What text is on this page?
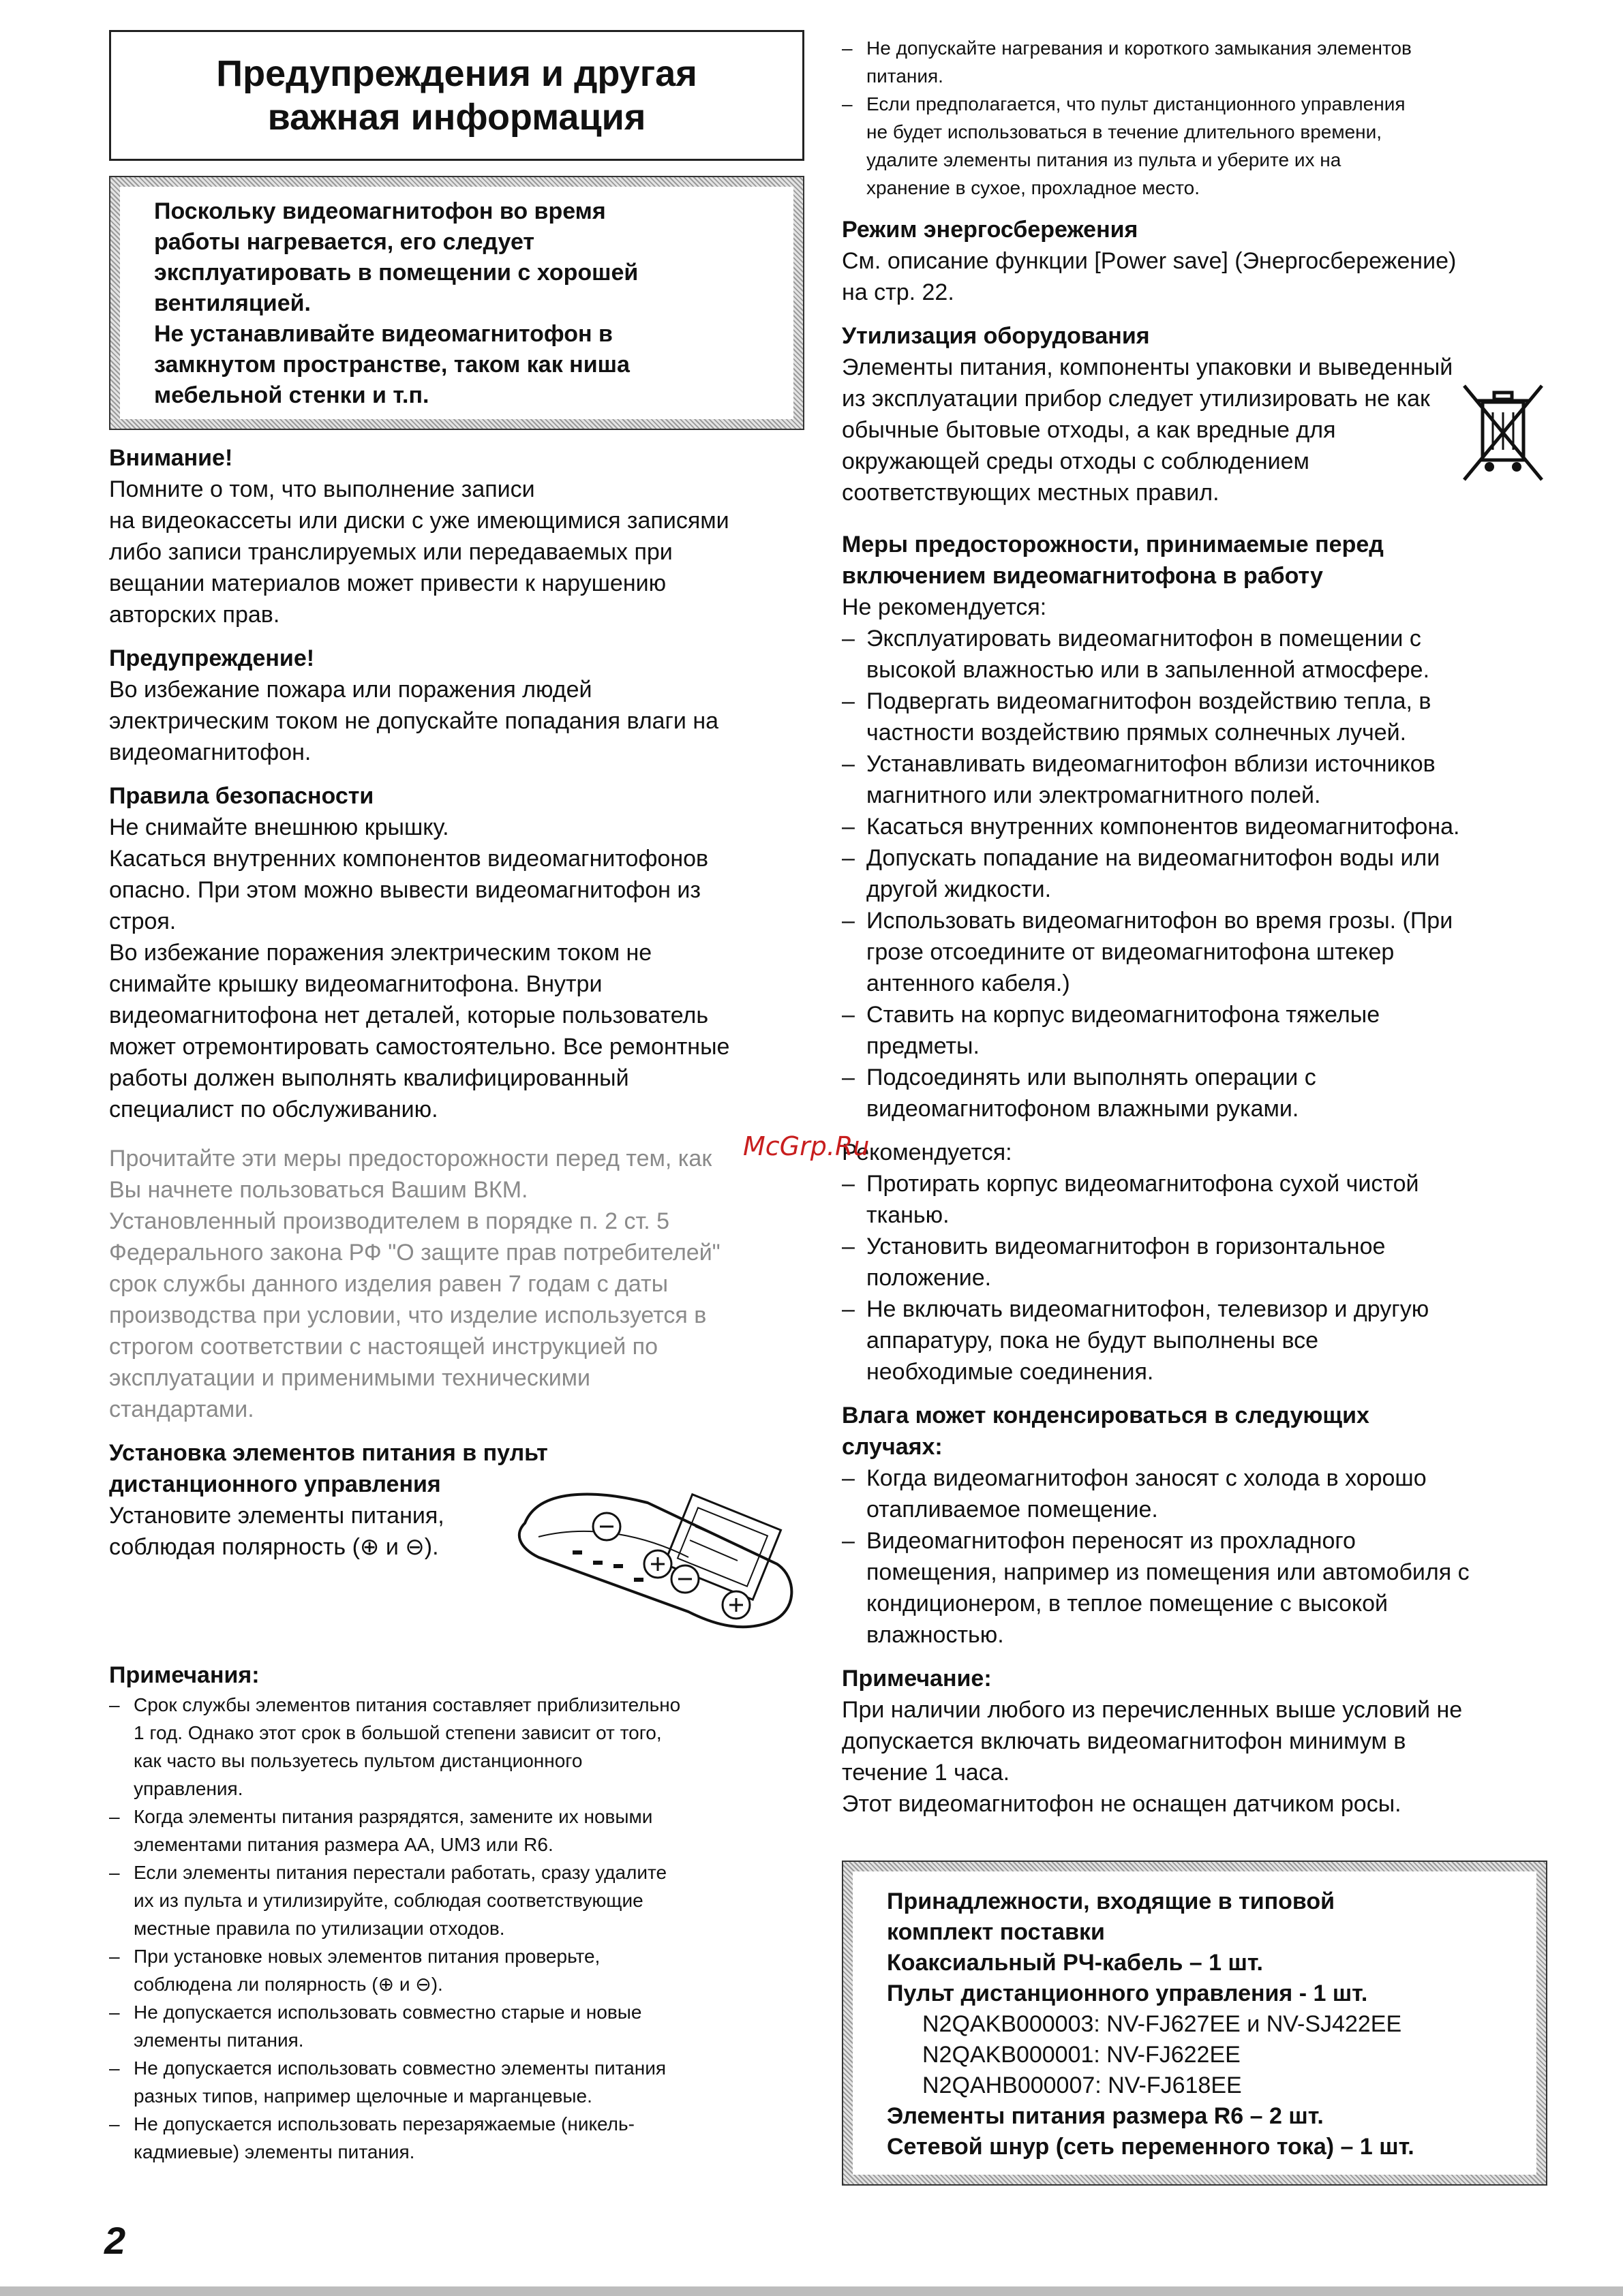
Предупреждения и другая
важная информация

Поскольку видеомагнитофон во время

работы нагревается, его следует

эксплуатировать в помещении с хорошей

вентиляцией.

Не устанавливайте видеомагнитофон в

замкнутом пространстве, таком как ниша

мебельной стенки и т.п.

Внимание!

Помните о том, что выполнение записи

на видеокассеты или диски с уже имеющимися записями

либо записи транслируемых или передаваемых при

вещании материалов может привести к нарушению

авторских прав.

Предупреждение!

Во избежание пожара или поражения людей

электрическим током не допускайте попадания влаги на

видеомагнитофон.

Правила безопасности

Не снимайте внешнюю крышку.

Касаться внутренних компонентов видеомагнитофонов

опасно. При этом можно вывести видеомагнитофон из

строя.

Во избежание поражения электрическим током не

снимайте крышку видеомагнитофона. Внутри

видеомагнитофона нет деталей, которые пользователь

может отремонтировать самостоятельно. Все ремонтные

работы должен выполнять квалифицированный

специалист по обслуживанию.

Прочитайте эти меры предосторожности перед тем, как

Вы начнете пользоваться Вашим ВКМ.

Установленный производителем в порядке п. 2 ст. 5

Федерального закона РФ "О защите прав потребителей"

срок службы данного изделия равен 7 годам с даты

производства при условии, что изделие используется в

строгом соответствии с настоящей инструкцией по

эксплуатации и применимыми техническими

стандартами.

Установка элементов питания в пульт

дистанционного управления

Установите элементы питания,

соблюдая полярность (⊕ и ⊖).

Примечания:

– Срок службы элементов питания составляет приблизительно
1 год. Однако этот срок в большой степени зависит от того,
как часто вы пользуетесь пультом дистанционного
управления.
– Когда элементы питания разрядятся, замените их новыми
элементами питания размера AA, UM3 или R6.
– Если элементы питания перестали работать, сразу удалите
их из пульта и утилизируйте, соблюдая соответствующие
местные правила по утилизации отходов.
– При установке новых элементов питания проверьте,
соблюдена ли полярность (⊕ и ⊖).
– Не допускается использовать совместно старые и новые
элементы питания.
– Не допускается использовать совместно элементы питания
разных типов, например щелочные и марганцевые.
– Не допускается использовать перезаряжаемые (никель-
кадмиевые) элементы питания.
– Не допускайте нагревания и короткого замыкания элементов
питания.
– Если предполагается, что пульт дистанционного управления
не будет использоваться в течение длительного времени,
удалите элементы питания из пульта и уберите их на
хранение в сухое, прохладное место.

Режим энергосбережения

См. описание функции [Power save] (Энергосбережение)

на стр. 22.

Утилизация оборудования

Элементы питания, компоненты упаковки и выведенный

из эксплуатации прибор следует утилизировать не как

обычные бытовые отходы, а как вредные для

окружающей среды отходы с соблюдением

соответствующих местных правил.

Меры предосторожности, принимаемые перед

включением видеомагнитофона в работу

Не рекомендуется:

– Эксплуатировать видеомагнитофон в помещении с
высокой влажностью или в запыленной атмосфере.
– Подвергать видеомагнитофон воздействию тепла, в
частности воздействию прямых солнечных лучей.
– Устанавливать видеомагнитофон вблизи источников
магнитного или электромагнитного полей.
– Касаться внутренних компонентов видеомагнитофона.
– Допускать попадание на видеомагнитофон воды или
другой жидкости.
– Использовать видеомагнитофон во время грозы. (При
грозе отсоедините от видеомагнитофона штекер
антенного кабеля.)
– Ставить на корпус видеомагнитофона тяжелые
предметы.
– Подсоединять или выполнять операции с
видеомагнитофоном влажными руками.

Рекомендуется:

– Протирать корпус видеомагнитофона сухой чистой
тканью.
– Установить видеомагнитофон в горизонтальное
положение.
– Не включать видеомагнитофон, телевизор и другую
аппаратуру, пока не будут выполнены все
необходимые соединения.

Влага может конденсироваться в следующих

случаях:

– Когда видеомагнитофон заносят с холода в хорошо
отапливаемое помещение.
– Видеомагнитофон переносят из прохладного
помещения, например из помещения или автомобиля с
кондиционером, в теплое помещение с высокой
влажностью.

Примечание:

При наличии любого из перечисленных выше условий не

допускается включать видеомагнитофон минимум в

течение 1 часа.

Этот видеомагнитофон не оснащен датчиком росы.

Принадлежности, входящие в типовой

комплект поставки

Коаксиальный РЧ-кабель – 1 шт.

Пульт дистанционного управления - 1 шт.

N2QAKB000003: NV-FJ627EE и NV-SJ422EE

N2QAKB000001: NV-FJ622EE

N2QAHB000007: NV-FJ618EE

Элементы питания размера R6 – 2 шт.

Сетевой шнур (сеть переменного тока) – 1 шт.

McGrp.Ru
2
